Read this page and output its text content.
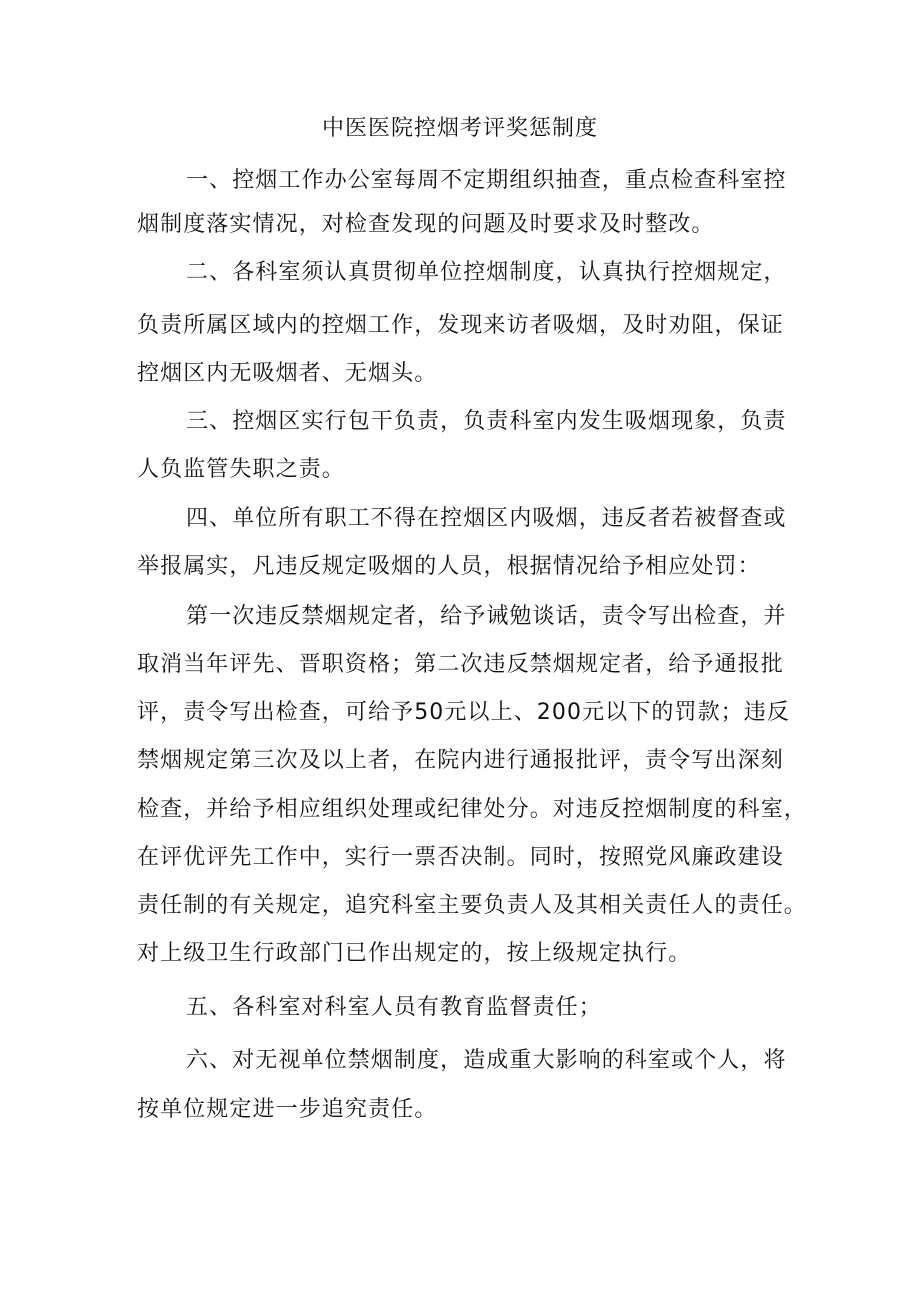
中医医院控烟考评奖惩制度
一、控烟工作办公室每周不定期组织抽查，重点检查科室控
烟制度落实情况，对检查发现的问题及时要求及时整改。
二、各科室须认真贯彻单位控烟制度，认真执行控烟规定，
负责所属区域内的控烟工作，发现来访者吸烟，及时劝阻，保证
控烟区内无吸烟者、无烟头。
三、控烟区实行包干负责，负责科室内发生吸烟现象，负责
人负监管失职之责。
四、单位所有职工不得在控烟区内吸烟，违反者若被督查或
举报属实，凡违反规定吸烟的人员，根据情况给予相应处罚：
第一次违反禁烟规定者，给予诫勉谈话，责令写出检查，并
取消当年评先、晋职资格；第二次违反禁烟规定者，给予通报批
评，责令写出检查，可给予50元以上、200元以下的罚款；违反
禁烟规定第三次及以上者，在院内进行通报批评，责令写出深刻
检查，并给予相应组织处理或纪律处分。对违反控烟制度的科室，
在评优评先工作中，实行一票否决制。同时，按照党风廉政建设
责任制的有关规定，追究科室主要负责人及其相关责任人的责任。
对上级卫生行政部门已作出规定的，按上级规定执行。
五、各科室对科室人员有教育监督责任；
六、对无视单位禁烟制度，造成重大影响的科室或个人，将
按单位规定进一步追究责任。
